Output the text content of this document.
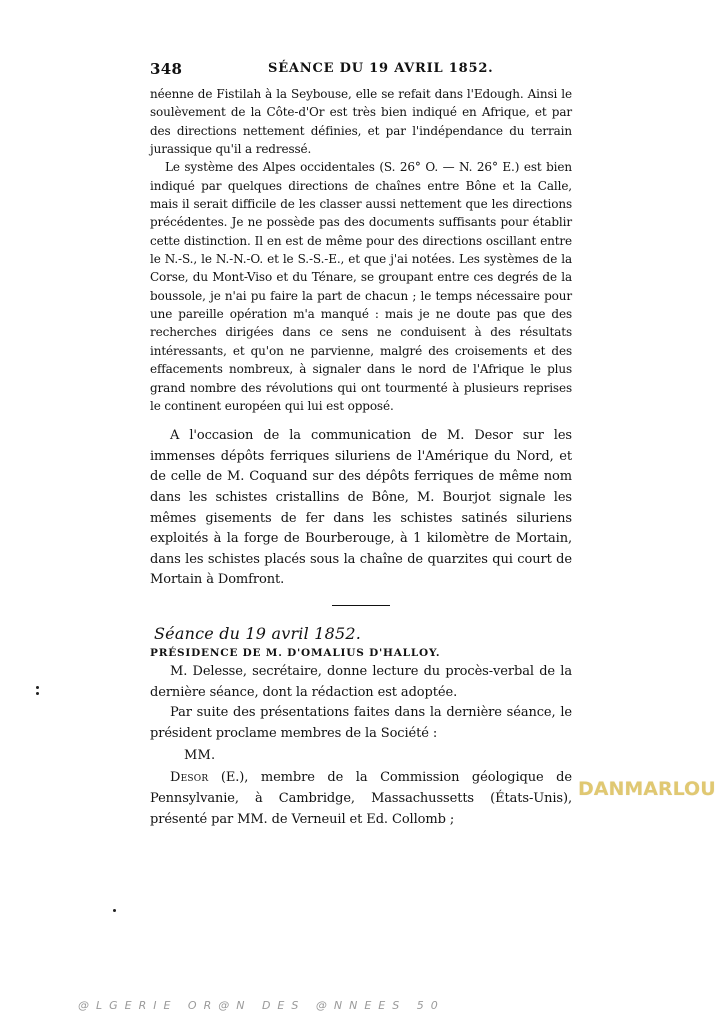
348	SÉANCE DU 19 AVRIL 1852.

néenne de Fistilah à la Seybouse, elle se refait dans l'Edough. Ainsi le soulèvement de la Côte-d'Or est très bien indiqué en Afrique, et par des directions nettement définies, et par l'indépendance du terrain jurassique qu'il a redressé.

Le système des Alpes occidentales (S. 26° O. — N. 26° E.) est bien indiqué par quelques directions de chaînes entre Bône et la Calle, mais il serait difficile de les classer aussi nettement que les directions précédentes. Je ne possède pas des documents suffisants pour établir cette distinction. Il en est de même pour des directions oscillant entre le N.-S., le N.-N.-O. et le S.-S.-E., et que j'ai notées. Les systèmes de la Corse, du Mont-Viso et du Ténare, se groupant entre ces degrés de la boussole, je n'ai pu faire la part de chacun ; le temps nécessaire pour une pareille opération m'a manqué : mais je ne doute pas que des recherches dirigées dans ce sens ne conduisent à des résultats intéressants, et qu'on ne parvienne, malgré des croisements et des effacements nombreux, à signaler dans le nord de l'Afrique le plus grand nombre des révolutions qui ont tourmenté à plusieurs reprises le continent européen qui lui est opposé.

A l'occasion de la communication de M. Desor sur les immenses dépôts ferriques siluriens de l'Amérique du Nord, et de celle de M. Coquand sur des dépôts ferriques de même nom dans les schistes cristallins de Bône, M. Bourjot signale les mêmes gisements de fer dans les schistes satinés siluriens exploités à la forge de Bourberouge, à 1 kilomètre de Mortain, dans les schistes placés sous la chaîne de quarzites qui court de Mortain à Domfront.

Séance du 19 avril 1852.

PRÉSIDENCE DE M. D'OMALIUS D'HALLOY.

M. Delesse, secrétaire, donne lecture du procès-verbal de la dernière séance, dont la rédaction est adoptée.

Par suite des présentations faites dans la dernière séance, le président proclame membres de la Société :

MM.

Desor (E.), membre de la Commission géologique de Pennsylvanie, à Cambridge, Massachussetts (États-Unis), présenté par MM. de Verneuil et Ed. Collomb ;

DANMARLOU
@LGERIE OR@N DES @NNEES 50
